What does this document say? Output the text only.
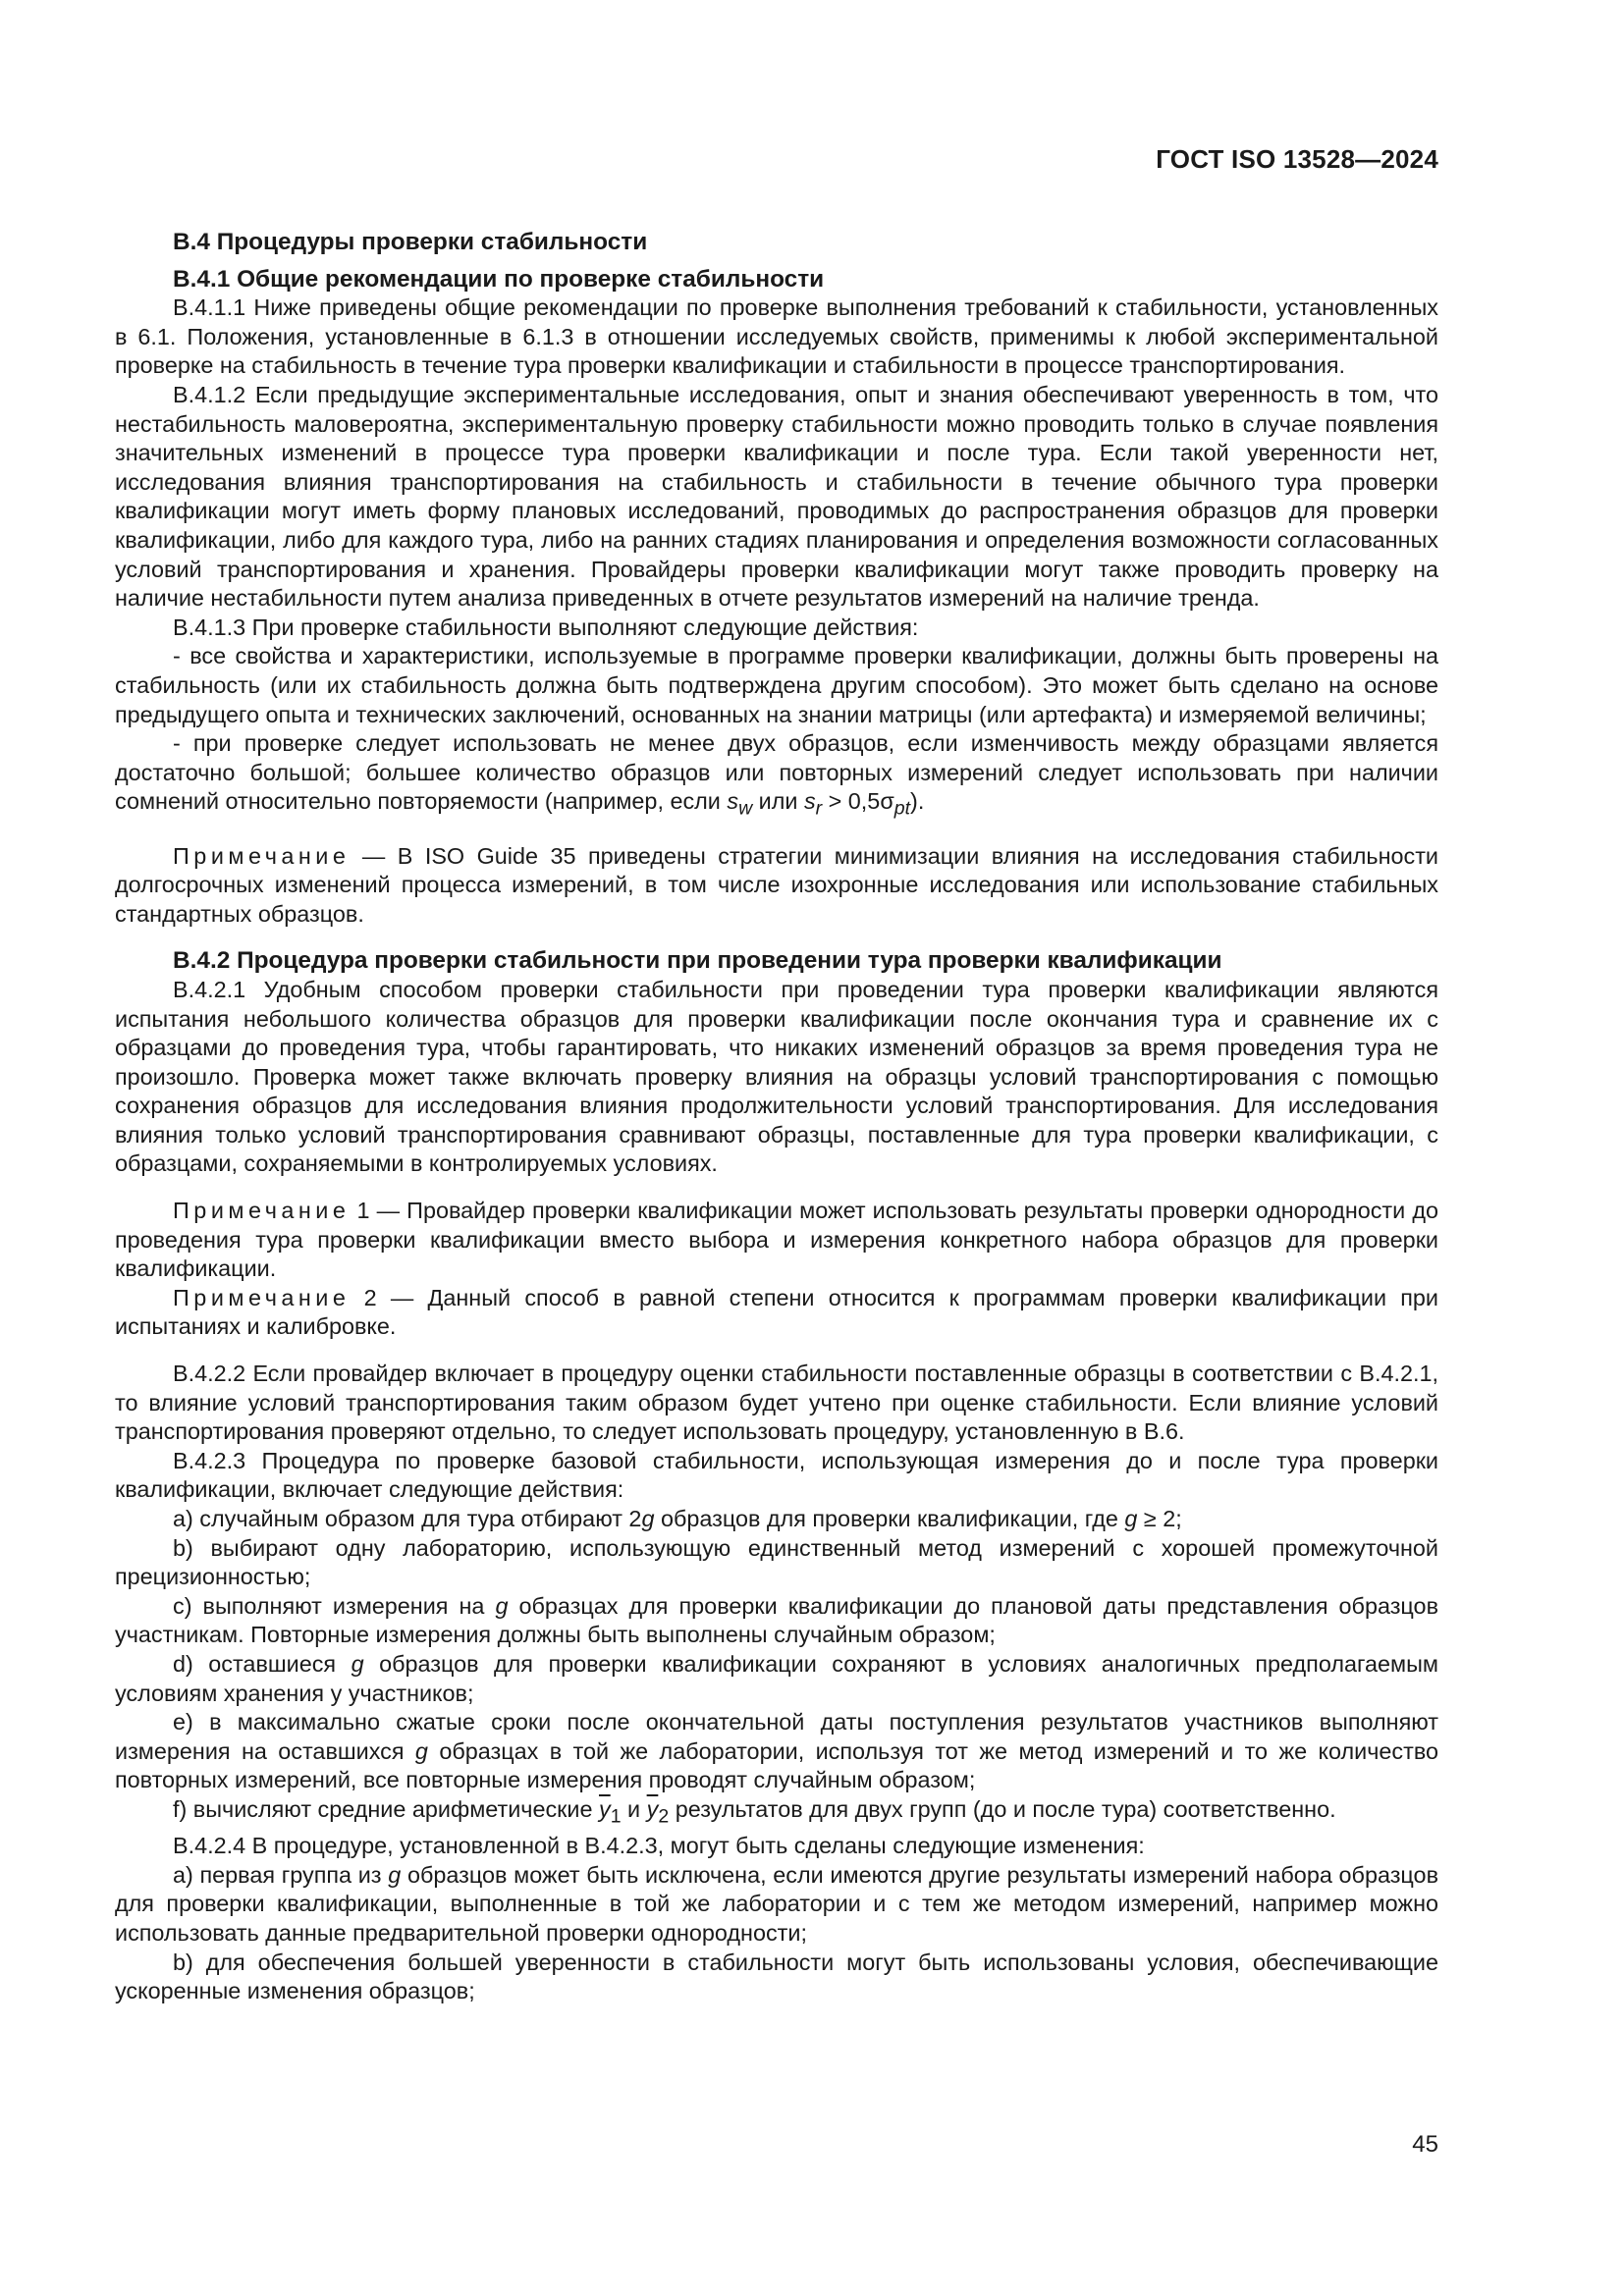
ГОСТ ISO 13528—2024
В.4 Процедуры проверки стабильности
В.4.1 Общие рекомендации по проверке стабильности

В.4.1.1 Ниже приведены общие рекомендации по проверке выполнения требований к стабильности, установленных в 6.1. Положения, установленные в 6.1.3 в отношении исследуемых свойств, применимы к любой экспериментальной проверке на стабильность в течение тура проверки квалификации и стабильности в процессе транспортирования.

В.4.1.2 Если предыдущие экспериментальные исследования, опыт и знания обеспечивают уверенность в том, что нестабильность маловероятна, экспериментальную проверку стабильности можно проводить только в случае появления значительных изменений в процессе тура проверки квалификации и после тура. Если такой уверенности нет, исследования влияния транспортирования на стабильность и стабильности в течение обычного тура проверки квалификации могут иметь форму плановых исследований, проводимых до распространения образцов для проверки квалификации, либо для каждого тура, либо на ранних стадиях планирования и определения возможности согласованных условий транспортирования и хранения. Провайдеры проверки квалификации могут также проводить проверку на наличие нестабильности путем анализа приведенных в отчете результатов измерений на наличие тренда.

В.4.1.3 При проверке стабильности выполняют следующие действия:

- все свойства и характеристики, используемые в программе проверки квалификации, должны быть проверены на стабильность (или их стабильность должна быть подтверждена другим способом). Это может быть сделано на основе предыдущего опыта и технических заключений, основанных на знании матрицы (или артефакта) и измеряемой величины;

- при проверке следует использовать не менее двух образцов, если изменчивость между образцами является достаточно большой; большее количество образцов или повторных измерений следует использовать при наличии сомнений относительно повторяемости (например, если $s_w$ или $s_r > 0,5\sigma_{pt}$).

Примечание — В ISO Guide 35 приведены стратегии минимизации влияния на исследования стабильности долгосрочных изменений процесса измерений, в том числе изохронные исследования или использование стабильных стандартных образцов.

В.4.2 Процедура проверки стабильности при проведении тура проверки квалификации

В.4.2.1 Удобным способом проверки стабильности при проведении тура проверки квалификации являются испытания небольшого количества образцов для проверки квалификации после окончания тура и сравнение их с образцами до проведения тура, чтобы гарантировать, что никаких изменений образцов за время проведения тура не произошло. Проверка может также включать проверку влияния на образцы условий транспортирования с помощью сохранения образцов для исследования влияния продолжительности условий транспортирования. Для исследования влияния только условий транспортирования сравнивают образцы, поставленные для тура проверки квалификации, с образцами, сохраняемыми в контролируемых условиях.

Примечание 1 — Провайдер проверки квалификации может использовать результаты проверки однородности до проведения тура проверки квалификации вместо выбора и измерения конкретного набора образцов для проверки квалификации.

Примечание 2 — Данный способ в равной степени относится к программам проверки квалификации при испытаниях и калибровке.

В.4.2.2 Если провайдер включает в процедуру оценки стабильности поставленные образцы в соответствии с В.4.2.1, то влияние условий транспортирования таким образом будет учтено при оценке стабильности. Если влияние условий транспортирования проверяют отдельно, то следует использовать процедуру, установленную в В.6.

В.4.2.3 Процедура по проверке базовой стабильности, использующая измерения до и после тура проверки квалификации, включает следующие действия:

a) случайным образом для тура отбирают 2g образцов для проверки квалификации, где g ≥ 2;

b) выбирают одну лабораторию, использующую единственный метод измерений с хорошей промежуточной прецизионностью;

c) выполняют измерения на g образцах для проверки квалификации до плановой даты представления образцов участникам. Повторные измерения должны быть выполнены случайным образом;

d) оставшиеся g образцов для проверки квалификации сохраняют в условиях аналогичных предполагаемым условиям хранения у участников;

e) в максимально сжатые сроки после окончательной даты поступления результатов участников выполняют измерения на оставшихся g образцах в той же лаборатории, используя тот же метод измерений и то же количество повторных измерений, все повторные измерения проводят случайным образом;

f) вычисляют средние арифметические $\overline{y}_1$ и $\overline{y}_2$ результатов для двух групп (до и после тура) соответственно.

В.4.2.4 В процедуре, установленной в В.4.2.3, могут быть сделаны следующие изменения:

a) первая группа из g образцов может быть исключена, если имеются другие результаты измерений набора образцов для проверки квалификации, выполненные в той же лаборатории и с тем же методом измерений, например можно использовать данные предварительной проверки однородности;

b) для обеспечения большей уверенности в стабильности могут быть использованы условия, обеспечивающие ускоренные изменения образцов;

45
